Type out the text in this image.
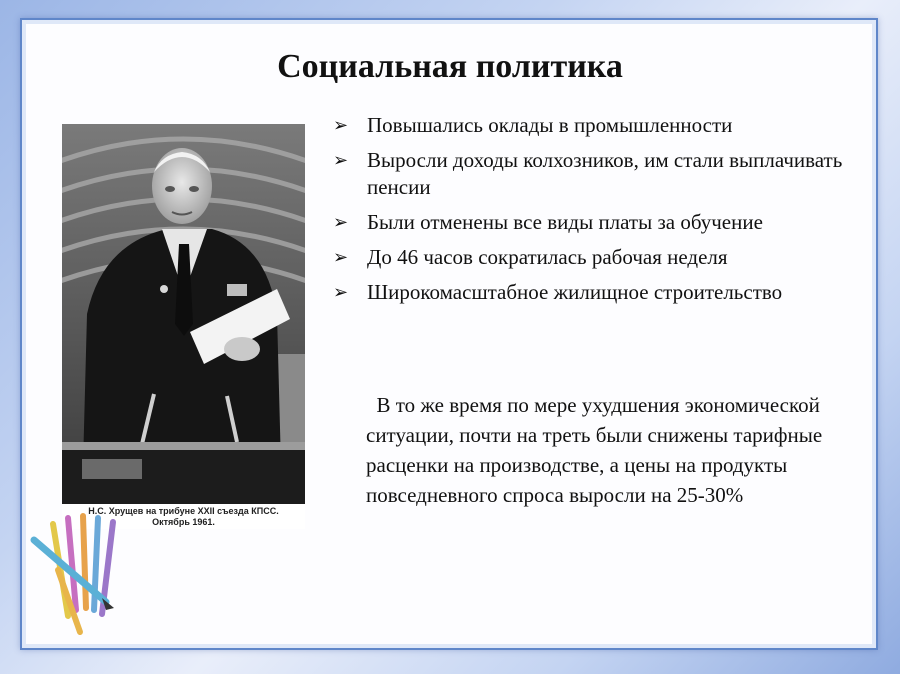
Социальная политика
Н.С. Хрущев на трибуне XXII съезда КПСС.
Октябрь 1961.
➢ Повышались оклады в промышленности
➢ Выросли доходы колхозников, им стали выплачивать пенсии
➢ Были отменены все виды платы за обучение
➢ До 46 часов сократилась рабочая неделя
➢ Широкомасштабное жилищное строительство

В то же время по мере ухудшения экономической ситуации, почти на треть были снижены тарифные расценки на производстве, а цены на продукты повседневного спроса выросли на 25-30%
